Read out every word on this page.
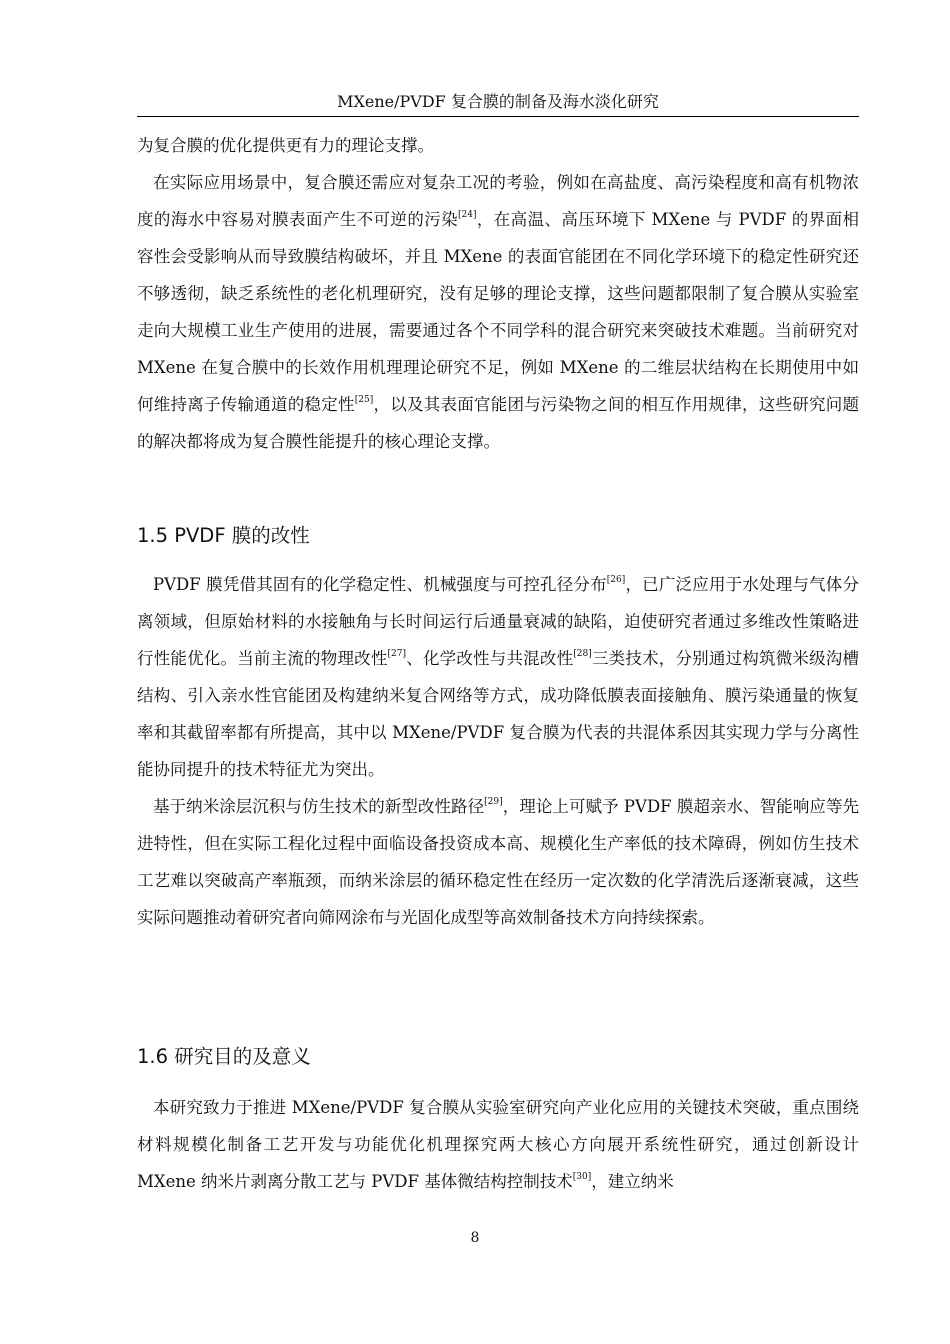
MXene/PVDF 复合膜的制备及海水淡化研究

为复合膜的优化提供更有力的理论支撑。

在实际应用场景中，复合膜还需应对复杂工况的考验，例如在高盐度、高污染程度和高有机物浓度的海水中容易对膜表面产生不可逆的污染[24]，在高温、高压环境下 MXene 与 PVDF 的界面相容性会受影响从而导致膜结构破坏，并且 MXene 的表面官能团在不同化学环境下的稳定性研究还不够透彻，缺乏系统性的老化机理研究，没有足够的理论支撑，这些问题都限制了复合膜从实验室走向大规模工业生产使用的进展，需要通过各个不同学科的混合研究来突破技术难题。当前研究对 MXene 在复合膜中的长效作用机理理论研究不足，例如 MXene 的二维层状结构在长期使用中如何维持离子传输通道的稳定性[25]，以及其表面官能团与污染物之间的相互作用规律，这些研究问题的解决都将成为复合膜性能提升的核心理论支撑。

1.5 PVDF 膜的改性

PVDF 膜凭借其固有的化学稳定性、机械强度与可控孔径分布[26]，已广泛应用于水处理与气体分离领域，但原始材料的水接触角与长时间运行后通量衰减的缺陷，迫使研究者通过多维改性策略进行性能优化。当前主流的物理改性[27]、化学改性与共混改性[28]三类技术，分别通过构筑微米级沟槽结构、引入亲水性官能团及构建纳米复合网络等方式，成功降低膜表面接触角、膜污染通量的恢复率和其截留率都有所提高，其中以 MXene/PVDF 复合膜为代表的共混体系因其实现力学与分离性能协同提升的技术特征尤为突出。

基于纳米涂层沉积与仿生技术的新型改性路径[29]，理论上可赋予 PVDF 膜超亲水、智能响应等先进特性，但在实际工程化过程中面临设备投资成本高、规模化生产率低的技术障碍，例如仿生技术工艺难以突破高产率瓶颈，而纳米涂层的循环稳定性在经历一定次数的化学清洗后逐渐衰减，这些实际问题推动着研究者向筛网涂布与光固化成型等高效制备技术方向持续探索。

1.6 研究目的及意义

本研究致力于推进 MXene/PVDF 复合膜从实验室研究向产业化应用的关键技术突破，重点围绕材料规模化制备工艺开发与功能优化机理探究两大核心方向展开系统性研究，通过创新设计 MXene 纳米片剥离分散工艺与 PVDF 基体微结构控制技术[30]，建立纳米

8
